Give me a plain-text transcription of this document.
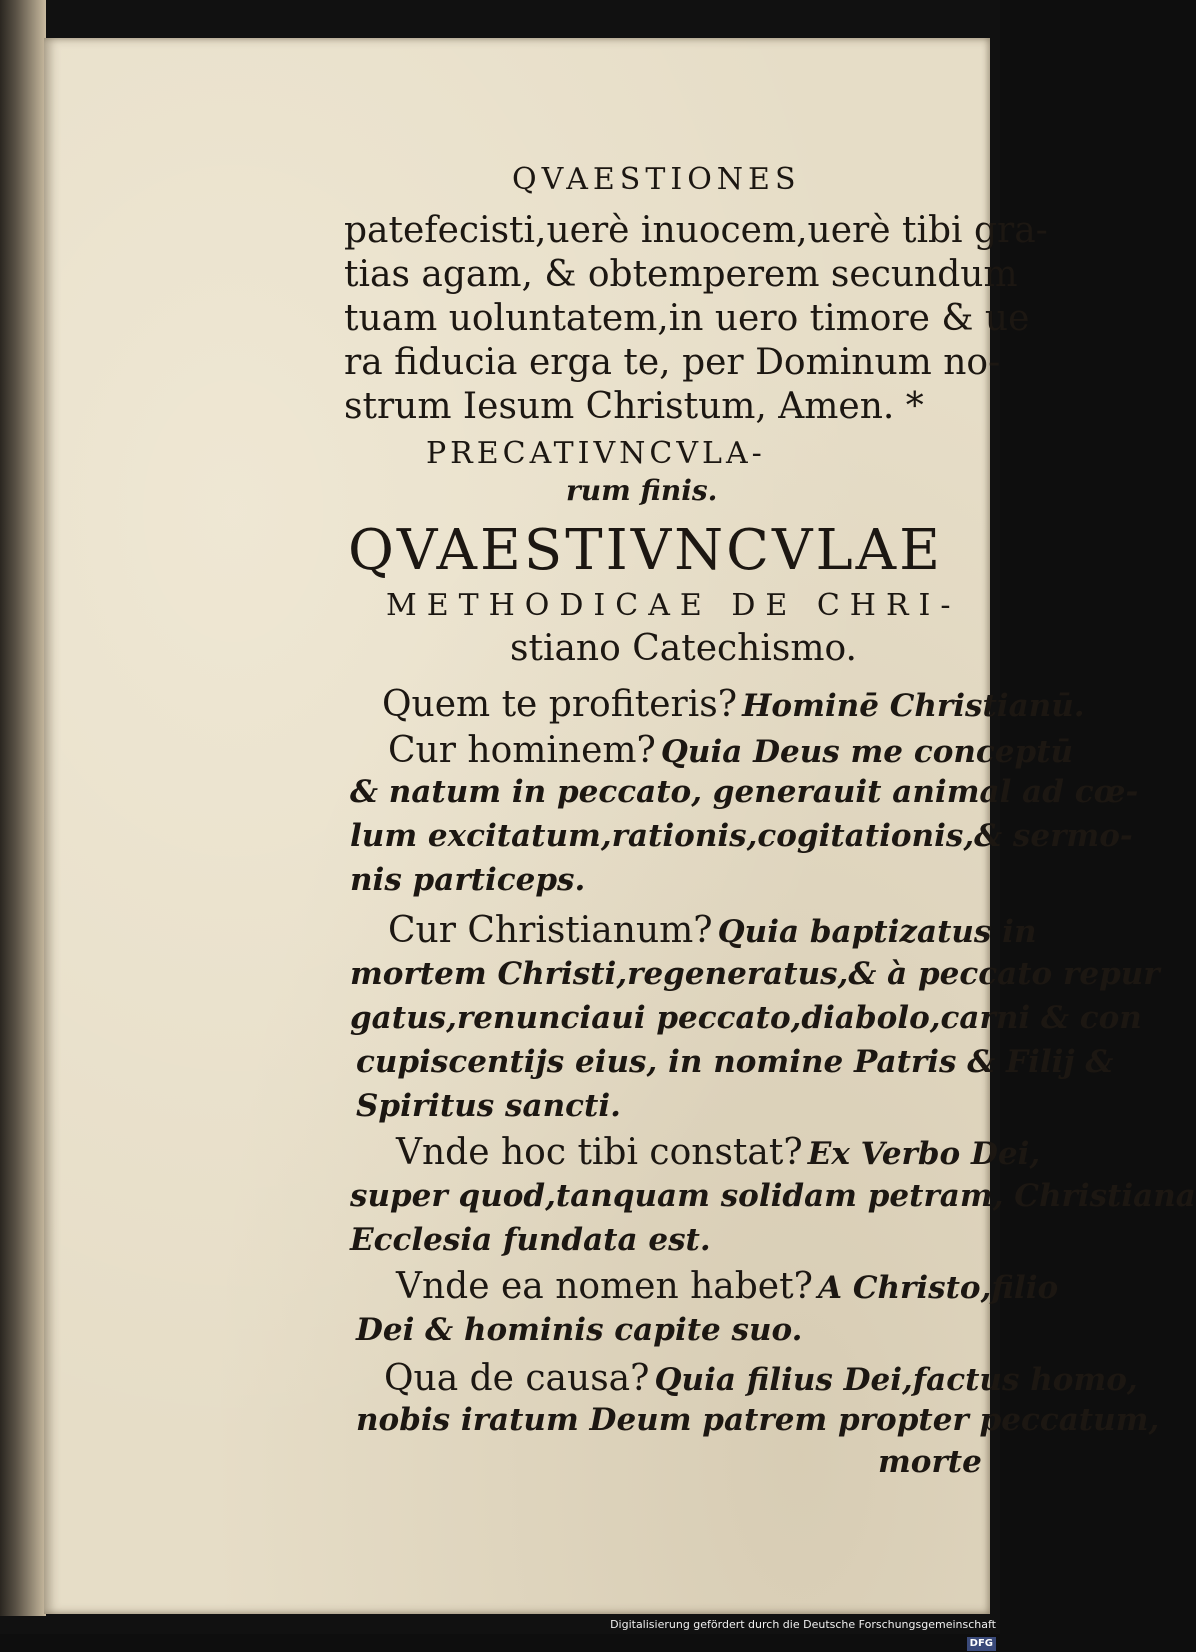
QVAESTIONES
patefecisti,uerè inuocem,uerè tibi gra-
tias agam, & obtemperem secundum
tuam uoluntatem,in uero timore & ue
ra fiducia erga te, per Dominum no-
strum Iesum Christum, Amen. *
PRECATIVNCVLA-
rum finis.
QVAESTIVNCVLAE
METHODICAE DE CHRI-
stiano Catechismo.
Quem te profiteris? Hominē Christianū.
Cur hominem? Quia Deus me conceptū
& natum in peccato, generauit animal ad cœ-
lum excitatum,rationis,cogitationis,& sermo-
nis particeps.
Cur Christianum? Quia baptizatus in
mortem Christi,regeneratus,& à peccato repur
gatus,renunciaui peccato,diabolo,carni & con
cupiscentijs eius, in nomine Patris & Filij &
Spiritus sancti.
Vnde hoc tibi constat? Ex Verbo Dei,
super quod,tanquam solidam petram, Christiana
Ecclesia fundata est.
Vnde ea nomen habet? A Christo,filio
Dei & hominis capite suo.
Qua de causa? Quia filius Dei,factus homo,
nobis iratum Deum patrem propter peccatum,
morte
Digitalisierung gefördert durch die Deutsche Forschungsgemeinschaft DFG
